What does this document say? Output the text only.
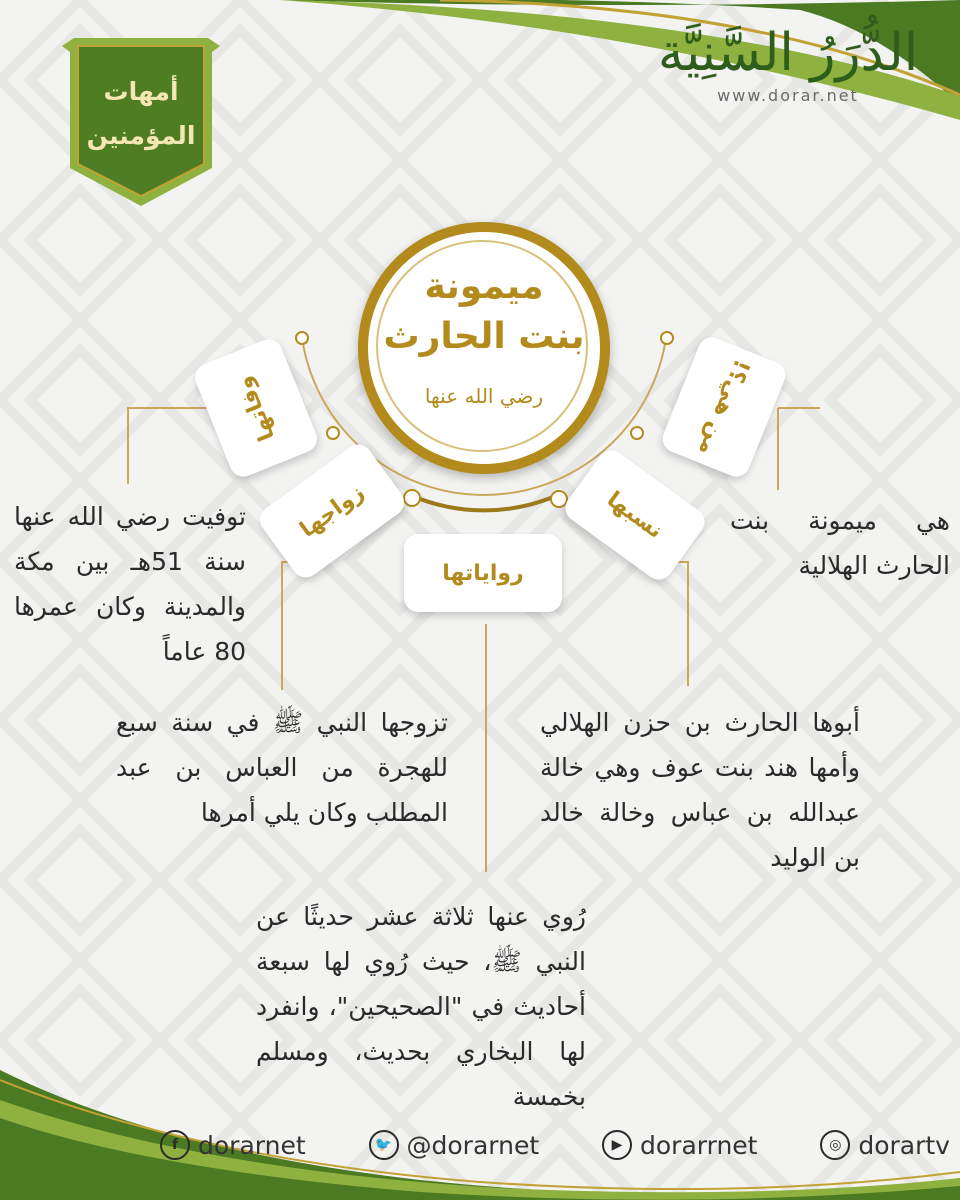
الدُّرَرُ السَّنِيَّة
www.dorar.net
أمهات
المؤمنين
ميمونة
بنت الحارث
رضي الله عنها
وفاتها
زواجها
رواياتها
نسبها
من هي؟!
هي ميمونة بنت الحارث الهلالية
توفيت رضي الله عنها سنة 51هـ بين مكة والمدينة وكان عمرها 80 عاماً
تزوجها النبي ﷺ في سنة سبع للهجرة من العباس بن عبد المطلب وكان يلي أمرها
أبوها الحارث بن حزن الهلالي وأمها هند بنت عوف وهي خالة عبدالله بن عباس وخالة خالد بن الوليد
رُوي عنها ثلاثة عشر حديثًا عن النبي ﷺ، حيث رُوي لها سبعة أحاديث في "الصحيحين"، وانفرد لها البخاري بحديث، ومسلم بخمسة
f dorarnet	🐦 @dorarnet	▶ dorarrnet	◎ dorartv
